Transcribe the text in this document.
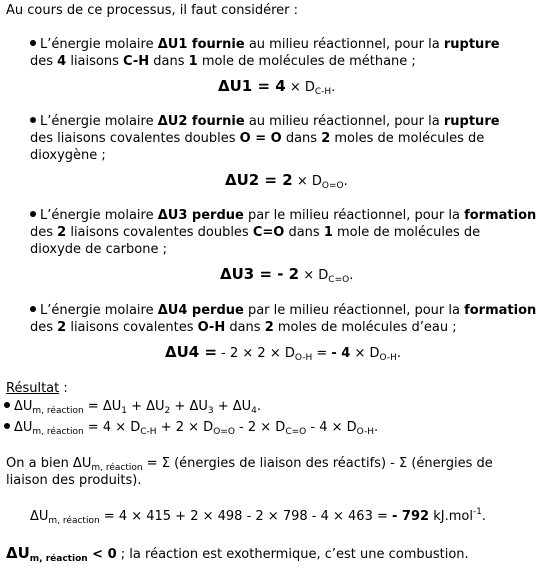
Au cours de ce processus, il faut considérer :
L’énergie molaire ΔU1 fournie au milieu réactionnel, pour la rupture
des 4 liaisons C-H dans 1 mole de molécules de méthane ;
$\Delta U1 = 4 \times D_{C-H}$.
L’énergie molaire ΔU2 fournie au milieu réactionnel, pour la rupture
des liaisons covalentes doubles O = O dans 2 moles de molécules de
dioxygène ;
$\Delta U2 = 2 \times D_{O=O}$.
L’énergie molaire ΔU3 perdue par le milieu réactionnel, pour la formation
des 2 liaisons covalentes doubles C=O dans 1 mole de molécules de
dioxyde de carbone ;
ΔU3 = - $2 \times D_{C=O}$.
L’énergie molaire ΔU4 perdue par le milieu réactionnel, pour la formation
des 2 liaisons covalentes O-H dans 2 moles de molécules d’eau ;
ΔU4 = - $2 \times 2 \times D_{O-H}$ = - $4 \times D_{O-H}$.
Résultat :
$\Delta U_{m, réaction} = \Delta U_1 + \Delta U_2 + \Delta U_3 + \Delta U_4$.
$\Delta U_{m, réaction} = 4 \times D_{C-H} + 2 \times D_{O=O} - 2 \times D_{C=O} - 4 \times D_{O-H}$.
On a bien $\Delta U_{m, réaction} = \Sigma$ (énergies de liaison des réactifs) - Σ (énergies de
liaison des produits).
$\Delta U_{m, réaction} = 4 \times 415 + 2 \times 498 - 2 \times 798 - 4 \times 463$ = - 792 kJ.mol$^{-1}$.
$\Delta U_{m, réaction} < 0$ ; la réaction est exothermique, c’est une combustion.
